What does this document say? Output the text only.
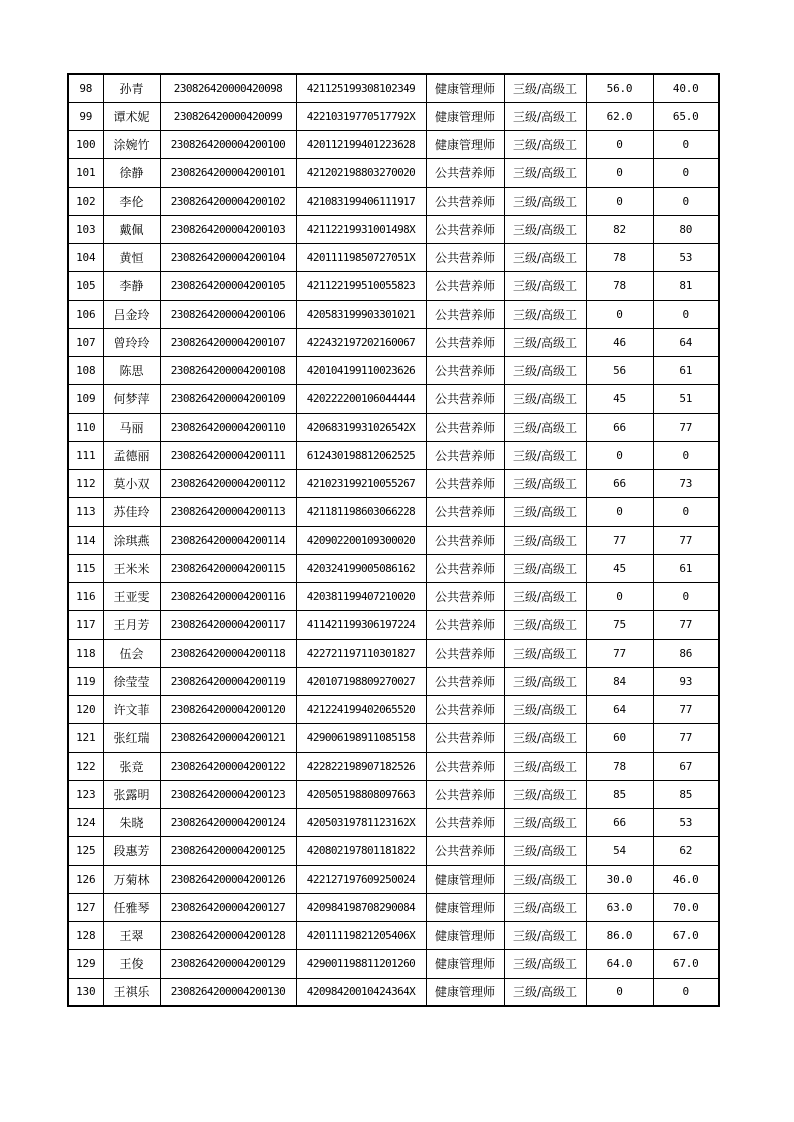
98	孙青	230826420000420098	421125199308102349	健康管理师	三级/高级工	56.0	40.0
99	谭术妮	230826420000420099	42210319770517792X	健康管理师	三级/高级工	62.0	65.0
100	涂婉竹	2308264200004200100	420112199401223628	健康管理师	三级/高级工	0	0
101	徐静	2308264200004200101	421202198803270020	公共营养师	三级/高级工	0	0
102	李伦	2308264200004200102	421083199406111917	公共营养师	三级/高级工	0	0
103	戴佩	2308264200004200103	42112219931001498X	公共营养师	三级/高级工	82	80
104	黄恒	2308264200004200104	42011119850727051X	公共营养师	三级/高级工	78	53
105	李静	2308264200004200105	421122199510055823	公共营养师	三级/高级工	78	81
106	吕金玲	2308264200004200106	420583199903301021	公共营养师	三级/高级工	0	0
107	曾玲玲	2308264200004200107	422432197202160067	公共营养师	三级/高级工	46	64
108	陈思	2308264200004200108	420104199110023626	公共营养师	三级/高级工	56	61
109	何梦萍	2308264200004200109	420222200106044444	公共营养师	三级/高级工	45	51
110	马丽	2308264200004200110	42068319931026542X	公共营养师	三级/高级工	66	77
111	孟德丽	2308264200004200111	612430198812062525	公共营养师	三级/高级工	0	0
112	莫小双	2308264200004200112	421023199210055267	公共营养师	三级/高级工	66	73
113	苏佳玲	2308264200004200113	421181198603066228	公共营养师	三级/高级工	0	0
114	涂琪燕	2308264200004200114	420902200109300020	公共营养师	三级/高级工	77	77
115	王米米	2308264200004200115	420324199005086162	公共营养师	三级/高级工	45	61
116	王亚雯	2308264200004200116	420381199407210020	公共营养师	三级/高级工	0	0
117	王月芳	2308264200004200117	411421199306197224	公共营养师	三级/高级工	75	77
118	伍会	2308264200004200118	422721197110301827	公共营养师	三级/高级工	77	86
119	徐莹莹	2308264200004200119	420107198809270027	公共营养师	三级/高级工	84	93
120	许文菲	2308264200004200120	421224199402065520	公共营养师	三级/高级工	64	77
121	张红瑞	2308264200004200121	429006198911085158	公共营养师	三级/高级工	60	77
122	张竞	2308264200004200122	422822198907182526	公共营养师	三级/高级工	78	67
123	张露明	2308264200004200123	420505198808097663	公共营养师	三级/高级工	85	85
124	朱晓	2308264200004200124	42050319781123162X	公共营养师	三级/高级工	66	53
125	段惠芳	2308264200004200125	420802197801181822	公共营养师	三级/高级工	54	62
126	万菊林	2308264200004200126	422127197609250024	健康管理师	三级/高级工	30.0	46.0
127	任雅琴	2308264200004200127	420984198708290084	健康管理师	三级/高级工	63.0	70.0
128	王翠	2308264200004200128	42011119821205406X	健康管理师	三级/高级工	86.0	67.0
129	王俊	2308264200004200129	429001198811201260	健康管理师	三级/高级工	64.0	67.0
130	王祺乐	2308264200004200130	42098420010424364X	健康管理师	三级/高级工	0	0
